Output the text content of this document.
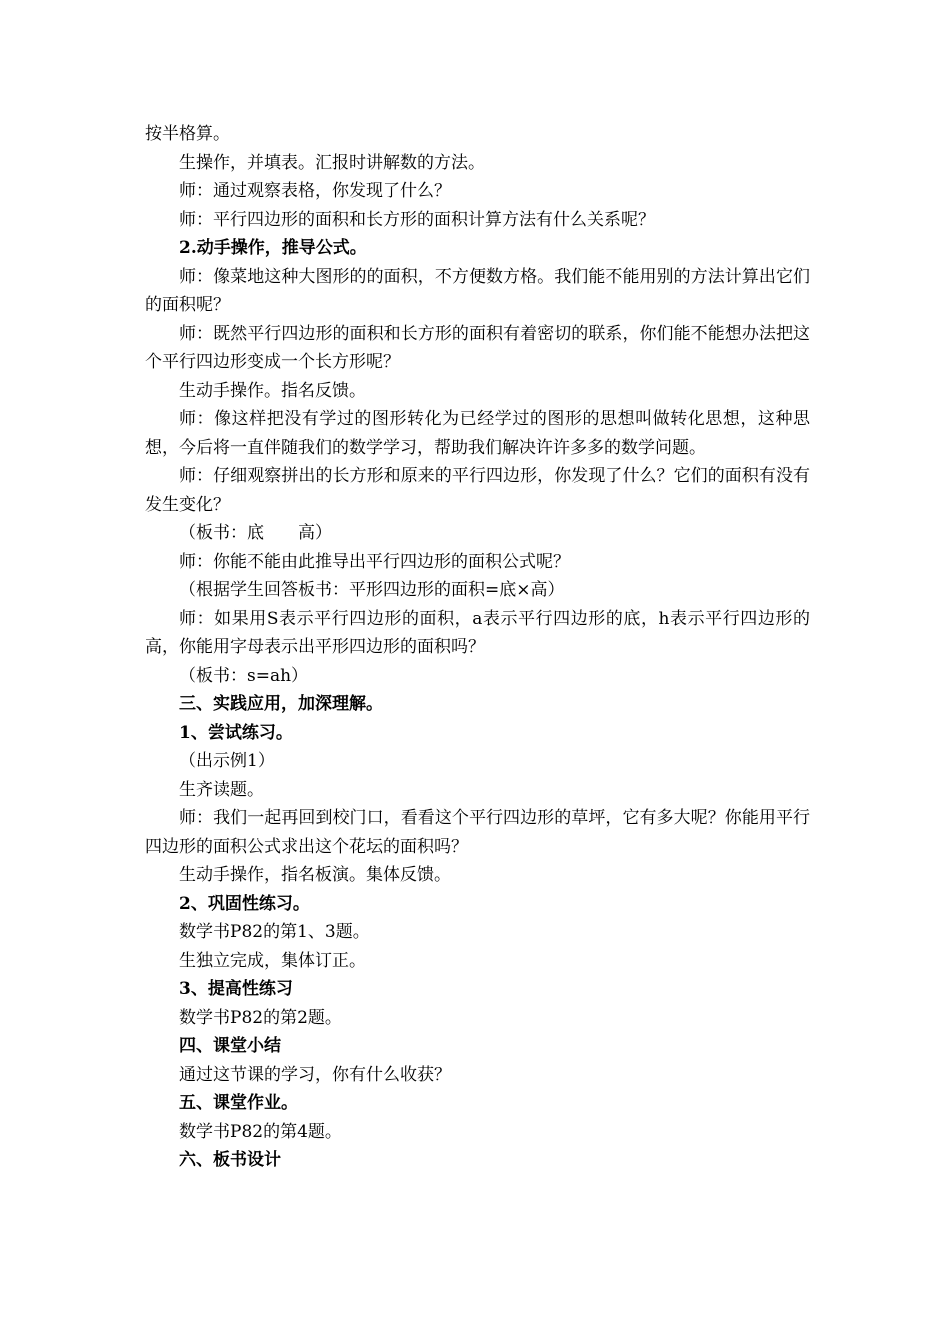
按半格算。

生操作，并填表。汇报时讲解数的方法。

师：通过观察表格，你发现了什么？

师：平行四边形的面积和长方形的面积计算方法有什么关系呢？

2.动手操作，推导公式。

师：像菜地这种大图形的的面积，不方便数方格。我们能不能用别的方法计算出它们的面积呢？

师：既然平行四边形的面积和长方形的面积有着密切的联系，你们能不能想办法把这个平行四边形变成一个长方形呢？

生动手操作。指名反馈。

师：像这样把没有学过的图形转化为已经学过的图形的思想叫做转化思想，这种思想，今后将一直伴随我们的数学学习，帮助我们解决许许多多的数学问题。

师：仔细观察拼出的长方形和原来的平行四边形，你发现了什么？它们的面积有没有发生变化？

（板书：底　　高）

师：你能不能由此推导出平行四边形的面积公式呢？

（根据学生回答板书：平形四边形的面积=底×高）

师：如果用S表示平行四边形的面积，a表示平行四边形的底，h表示平行四边形的高，你能用字母表示出平形四边形的面积吗？

（板书：s=ah）

三、实践应用，加深理解。

1、尝试练习。

（出示例1）

生齐读题。

师：我们一起再回到校门口，看看这个平行四边形的草坪，它有多大呢？你能用平行四边形的面积公式求出这个花坛的面积吗？

生动手操作，指名板演。集体反馈。

2、巩固性练习。

数学书P82的第1、3题。

生独立完成，集体订正。

3、提高性练习

数学书P82的第2题。

四、课堂小结

通过这节课的学习，你有什么收获？

五、课堂作业。

数学书P82的第4题。

六、板书设计
